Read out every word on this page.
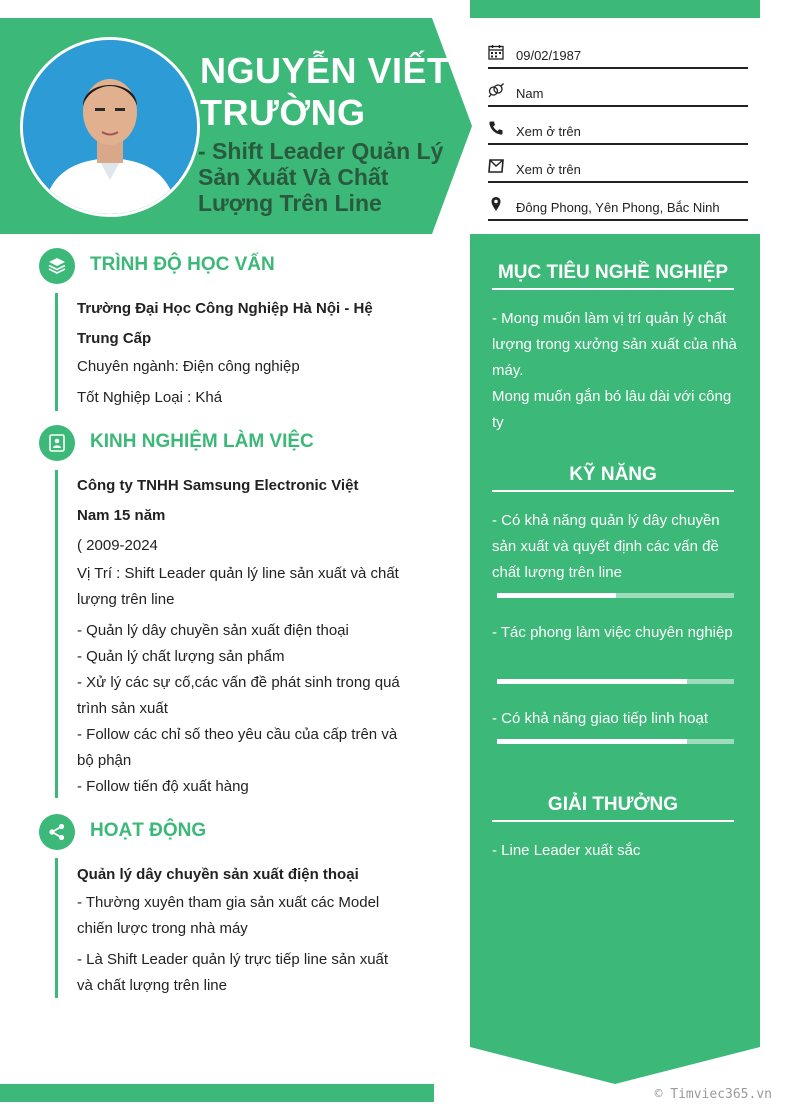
NGUYỄN VIẾT TRƯỜNG
- Shift Leader Quản Lý Sản Xuất Và Chất Lượng Trên Line
09/02/1987
Nam
Xem ở trên
Xem ở trên
Đông Phong, Yên Phong, Bắc Ninh
MỤC TIÊU NGHỀ NGHIỆP
- Mong muốn làm vị trí quản lý chất lượng trong xưởng sản xuất của nhà máy.
Mong muốn gắn bó lâu dài với công ty
KỸ NĂNG
- Có khả năng quản lý dây chuyền sản xuất và quyết định các vấn đề chất lượng trên line
- Tác phong làm việc chuyên nghiệp
- Có khả năng giao tiếp linh hoạt
GIẢI THƯỞNG
- Line Leader xuất sắc
TRÌNH ĐỘ HỌC VẤN
Trường Đại Học Công Nghiệp Hà Nội - Hệ
Trung Cấp
Chuyên ngành: Điện công nghiệp
Tốt Nghiệp Loại : Khá
KINH NGHIỆM LÀM VIỆC
Công ty TNHH Samsung Electronic Việt
Nam 15 năm
( 2009-2024
Vị Trí : Shift Leader quản lý line sản xuất và chất lượng trên line
- Quản lý dây chuyền sản xuất điện thoại
- Quản lý chất lượng sản phẩm
- Xử lý các sự cố,các vấn đề phát sinh trong quá trình sản xuất
- Follow các chỉ số theo yêu cầu của cấp trên và bộ phận
- Follow tiến độ xuất hàng
HOẠT ĐỘNG
Quản lý dây chuyền sản xuất điện thoại
- Thường xuyên tham gia sản xuất các Model chiến lược trong nhà máy
- Là Shift Leader quản lý trực tiếp line sản xuất và chất lượng trên line
© Timviec365.vn
